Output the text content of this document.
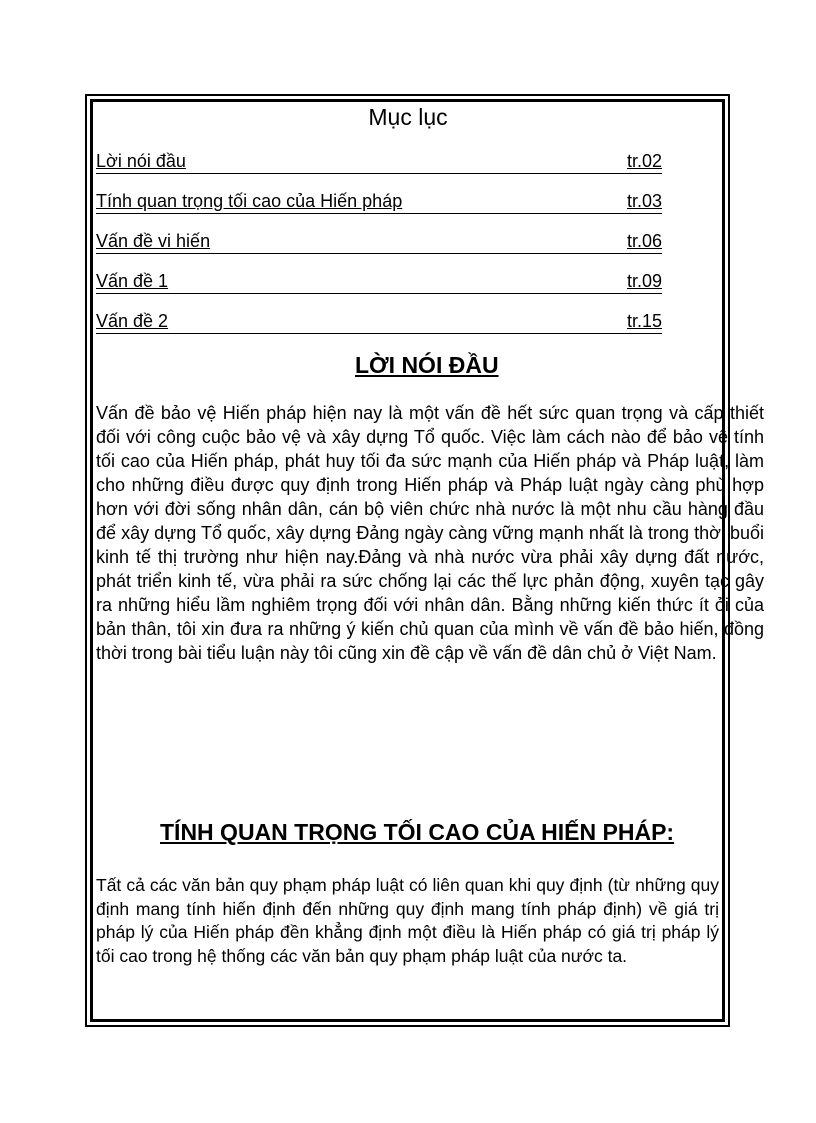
Mục lục
Lời nói đầu	tr.02
Tính quan trọng tối cao của Hiến pháp	tr.03
Vấn đề vi hiến	tr.06
Vấn đề 1	tr.09
Vấn đề 2	tr.15
LỜI NÓI ĐẦU

Vấn đề bảo vệ Hiến pháp hiện nay là một vấn đề hết sức quan trọng và cấp thiết đối với công cuộc bảo vệ và xây dựng Tổ quốc. Việc làm cách nào để bảo vệ tính tối cao của Hiến pháp, phát huy tối đa sức mạnh của Hiến pháp và Pháp luật, làm cho những điều được quy định trong Hiến pháp và Pháp luật ngày càng phù hợp hơn với đời sống nhân dân, cán bộ viên chức nhà nước là một nhu cầu hàng đầu để xây dựng Tổ quốc, xây dựng Đảng ngày càng vững mạnh nhất là trong thời buổi kinh tế thị trường như hiện nay.Đảng và nhà nước vừa phải xây dựng đất nước, phát triển kinh tế, vừa phải ra sức chống lại các thế lực phản động, xuyên tạc gây ra những hiểu lầm nghiêm trọng đối với nhân dân. Bằng những kiến thức ít ỏi của bản thân, tôi xin đưa ra những ý kiến chủ quan của mình về vấn đề bảo hiến, đồng thời trong bài tiểu luận này tôi cũng xin đề cập về vấn đề dân chủ ở Việt Nam.

TÍNH QUAN TRỌNG TỐI CAO CỦA HIẾN PHÁP:

Tất cả các văn bản quy phạm pháp luật có liên quan khi quy định (từ những quy định mang tính hiến định đến những quy định mang tính pháp định) về giá trị pháp lý của Hiến pháp đền khẳng định một điều là Hiến pháp có giá trị pháp lý tối cao trong hệ thống các văn bản quy phạm pháp luật của nước ta.
